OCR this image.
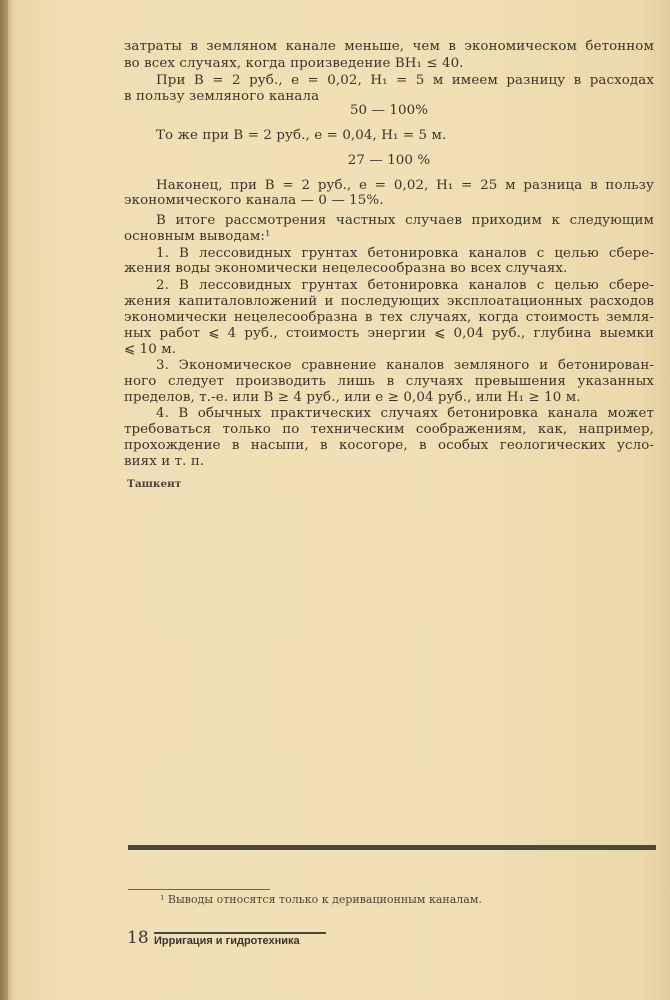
затраты в земляном канале меньше, чем в экономическом бетонном
во всех случаях, когда произведение BH₁ ≤ 40.
При B = 2 руб., e = 0,02, H₁ = 5 м имеем разницу в расходах
в пользу земляного канала
50 — 100%
То же при B = 2 руб., e = 0,04, H₁ = 5 м.
27 — 100 %
Наконец, при B = 2 руб., e = 0,02, H₁ = 25 м разница в пользу
экономического канала — 0 — 15%.
В итоге рассмотрения частных случаев приходим к следующим
основным выводам:¹
1. В лессовидных грунтах бетонировка каналов с целью сбере-
жения воды экономически нецелесообразна во всех случаях.
2. В лессовидных грунтах бетонировка каналов с целью сбере-
жения капиталовложений и последующих эксплоатационных расходов
экономически нецелесообразна в тех случаях, когда стоимость земля-
ных работ ⩽ 4 руб., стоимость энергии ⩽ 0,04 руб., глубина выемки
⩽ 10 м.
3. Экономическое сравнение каналов земляного и бетонирован-
ного следует производить лишь в случаях превышения указанных
пределов, т.-е. или B ≥ 4 руб., или e ≥ 0,04 руб., или H₁ ≥ 10 м.
4. В обычных практических случаях бетонировка канала может
требоваться только по техническим соображениям, как, например,
прохождение в насыпи, в косогоре, в особых геологических усло-
виях и т. п.
Ташкент
¹ Выводы относятся только к деривационным каналам.
18 Ирригация и гидротехника
